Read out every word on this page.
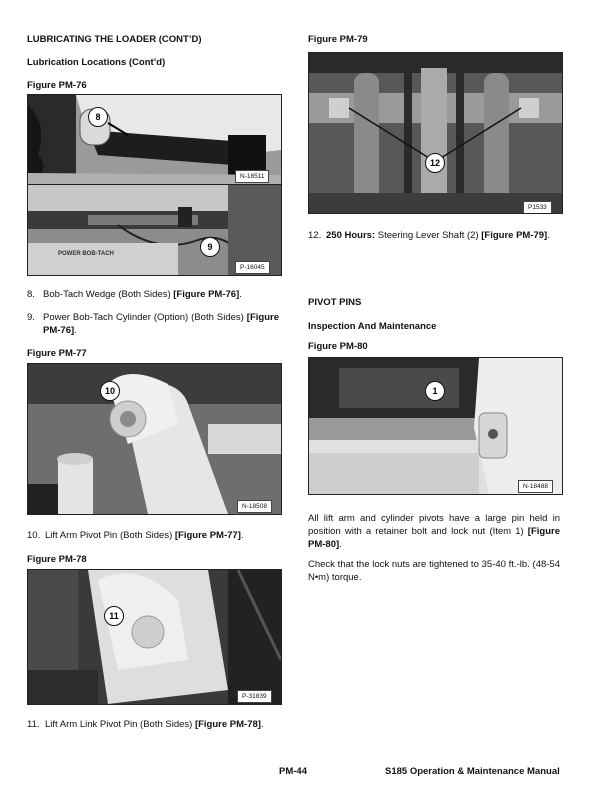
LUBRICATING THE LOADER (CONT’D)
Lubrication Locations (Cont’d)
Figure PM-76
8
N-18511
POWER BOB-TACH
9
P-16045
8. Bob-Tach Wedge (Both Sides) [Figure PM-76].
9. Power Bob-Tach Cylinder (Option) (Both Sides) [Figure PM-76].
Figure PM-77
10
N-18508
10. Lift Arm Pivot Pin (Both Sides) [Figure PM-77].
Figure PM-78
11
P-31839
11. Lift Arm Link Pivot Pin (Both Sides) [Figure PM-78].
Figure PM-79
12
P1533
12. 250 Hours: Steering Lever Shaft (2) [Figure PM-79].
PIVOT PINS
Inspection And Maintenance
Figure PM-80
1
N-18488
All lift arm and cylinder pivots have a large pin held in position with a retainer bolt and lock nut (Item 1) [Figure PM-80].
Check that the lock nuts are tightened to 35-40 ft.-lb. (48-54 N•m) torque.
PM-44	S185 Operation & Maintenance Manual
